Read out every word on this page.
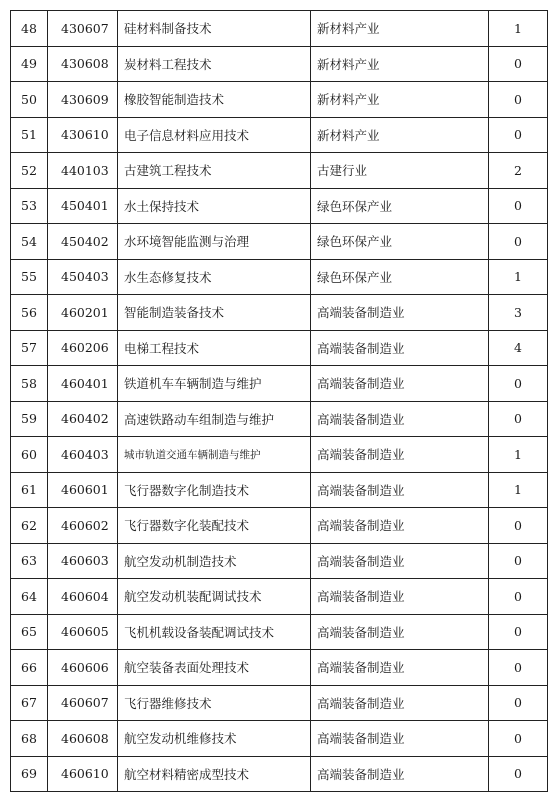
48	430607	硅材料制备技术	新材料产业	1
49	430608	炭材料工程技术	新材料产业	0
50	430609	橡胶智能制造技术	新材料产业	0
51	430610	电子信息材料应用技术	新材料产业	0
52	440103	古建筑工程技术	古建行业	2
53	450401	水土保持技术	绿色环保产业	0
54	450402	水环境智能监测与治理	绿色环保产业	0
55	450403	水生态修复技术	绿色环保产业	1
56	460201	智能制造装备技术	高端装备制造业	3
57	460206	电梯工程技术	高端装备制造业	4
58	460401	铁道机车车辆制造与维护	高端装备制造业	0
59	460402	高速铁路动车组制造与维护	高端装备制造业	0
60	460403	城市轨道交通车辆制造与维护	高端装备制造业	1
61	460601	飞行器数字化制造技术	高端装备制造业	1
62	460602	飞行器数字化装配技术	高端装备制造业	0
63	460603	航空发动机制造技术	高端装备制造业	0
64	460604	航空发动机装配调试技术	高端装备制造业	0
65	460605	飞机机载设备装配调试技术	高端装备制造业	0
66	460606	航空装备表面处理技术	高端装备制造业	0
67	460607	飞行器维修技术	高端装备制造业	0
68	460608	航空发动机维修技术	高端装备制造业	0
69	460610	航空材料精密成型技术	高端装备制造业	0
